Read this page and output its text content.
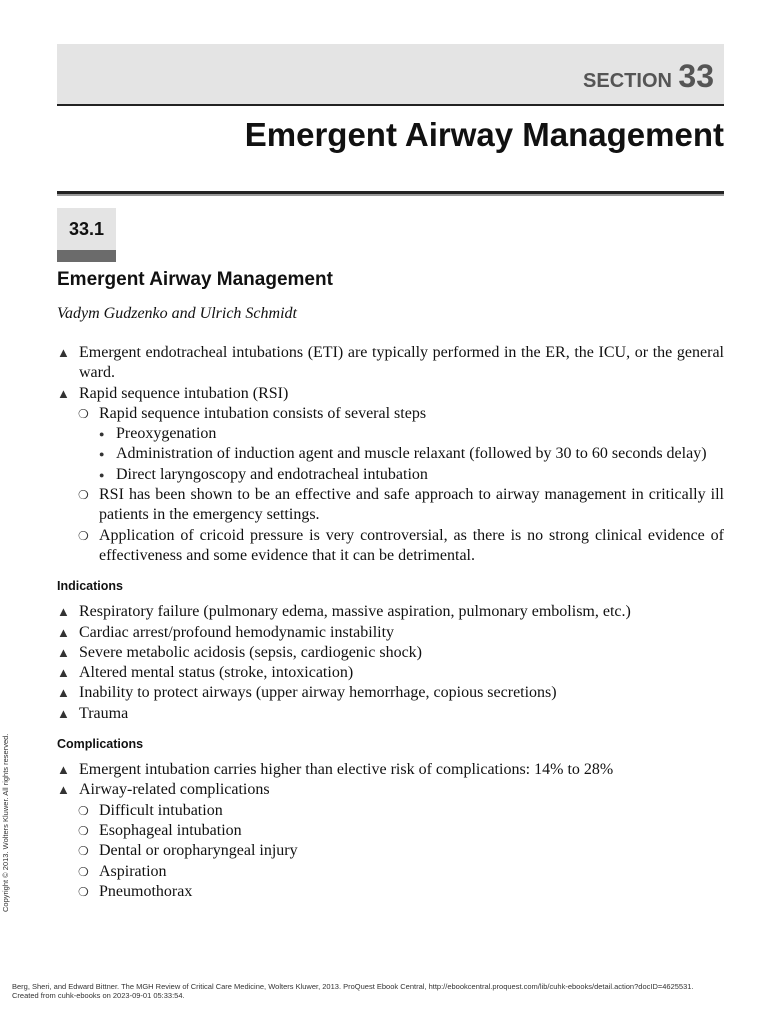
SECTION 33
Emergent Airway Management
33.1
Emergent Airway Management
Vadym Gudzenko and Ulrich Schmidt
▲ Emergent endotracheal intubations (ETI) are typically performed in the ER, the ICU, or the general ward.
▲ Rapid sequence intubation (RSI)
❍ Rapid sequence intubation consists of several steps
● Preoxygenation
● Administration of induction agent and muscle relaxant (followed by 30 to 60 seconds delay)
● Direct laryngoscopy and endotracheal intubation
❍ RSI has been shown to be an effective and safe approach to airway management in critically ill patients in the emergency settings.
❍ Application of cricoid pressure is very controversial, as there is no strong clinical evidence of effectiveness and some evidence that it can be detrimental.
Indications
▲ Respiratory failure (pulmonary edema, massive aspiration, pulmonary embolism, etc.)
▲ Cardiac arrest/profound hemodynamic instability
▲ Severe metabolic acidosis (sepsis, cardiogenic shock)
▲ Altered mental status (stroke, intoxication)
▲ Inability to protect airways (upper airway hemorrhage, copious secretions)
▲ Trauma
Complications
▲ Emergent intubation carries higher than elective risk of complications: 14% to 28%
▲ Airway-related complications
❍ Difficult intubation
❍ Esophageal intubation
❍ Dental or oropharyngeal injury
❍ Aspiration
❍ Pneumothorax
Copyright © 2013. Wolters Kluwer. All rights reserved.
Berg, Sheri, and Edward Bittner. The MGH Review of Critical Care Medicine, Wolters Kluwer, 2013. ProQuest Ebook Central, http://ebookcentral.proquest.com/lib/cuhk-ebooks/detail.action?docID=4625531.
Created from cuhk-ebooks on 2023-09-01 05:33:54.
